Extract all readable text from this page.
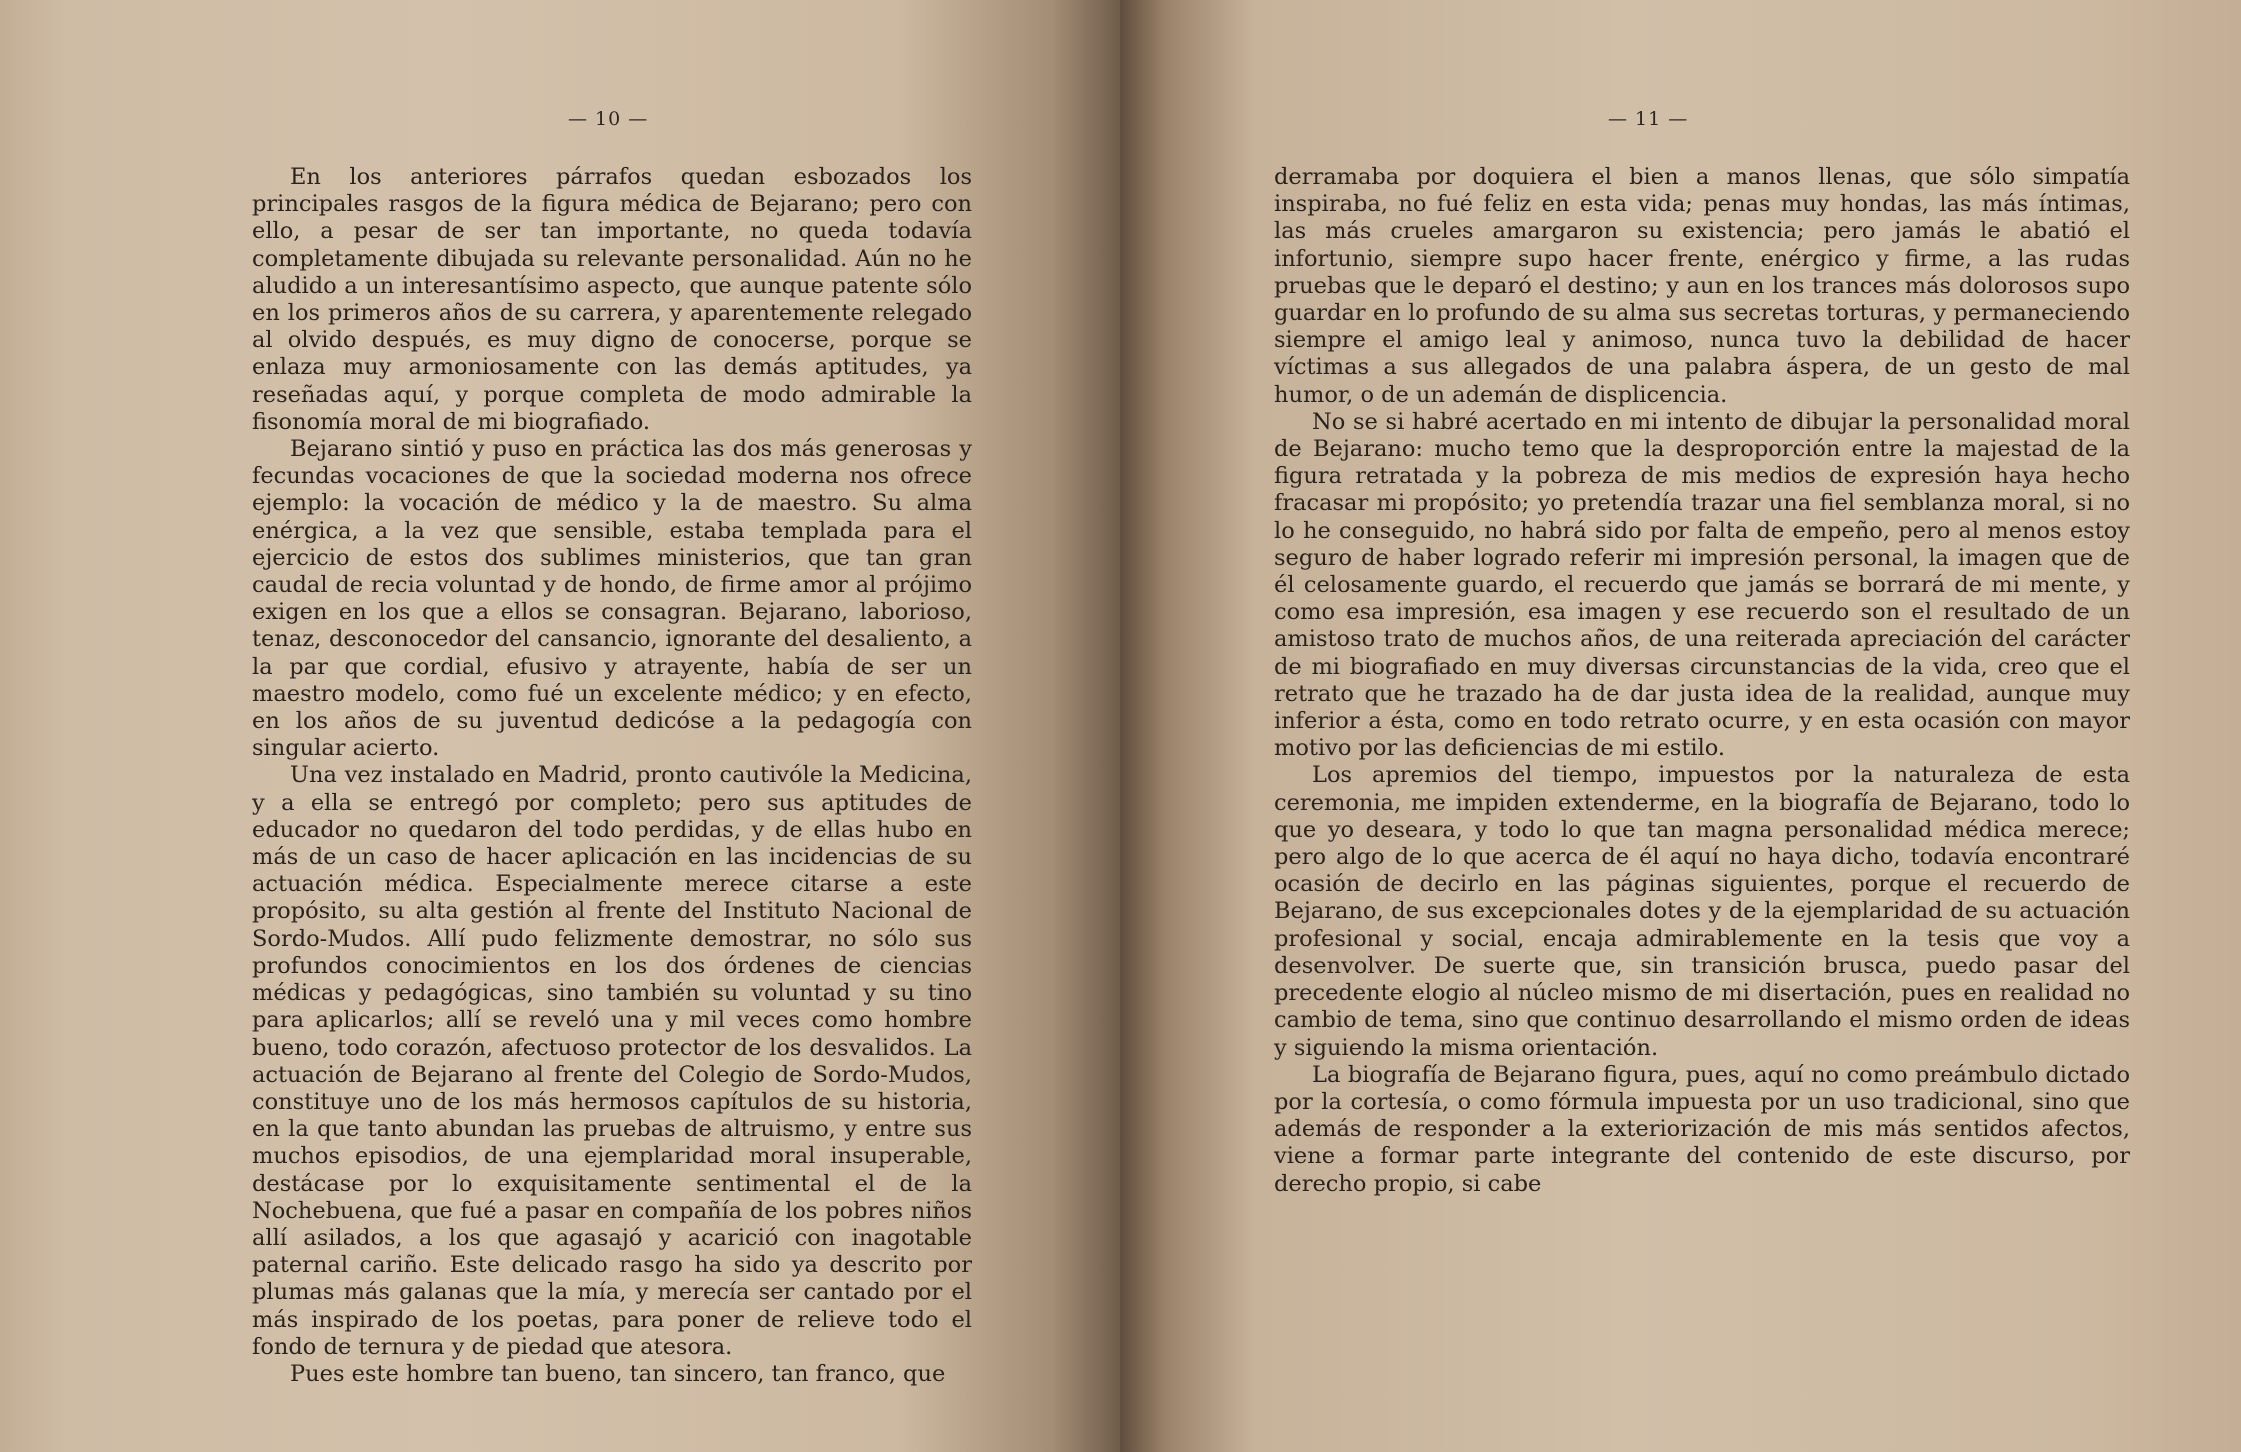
— 10 —

En los anteriores párrafos quedan esbozados los principales rasgos de la figura médica de Bejarano; pero con ello, a pesar de ser tan importante, no queda todavía completamente dibujada su relevante personalidad. Aún no he aludido a un interesantísimo aspecto, que aunque patente sólo en los primeros años de su carrera, y aparentemente relegado al olvido después, es muy digno de conocerse, porque se enlaza muy armoniosamente con las demás aptitudes, ya reseñadas aquí, y porque completa de modo admirable la fisonomía moral de mi biografiado.

Bejarano sintió y puso en práctica las dos más generosas y fecundas vocaciones de que la sociedad moderna nos ofrece ejemplo: la vocación de médico y la de maestro. Su alma enérgica, a la vez que sensible, estaba templada para el ejercicio de estos dos sublimes ministerios, que tan gran caudal de recia voluntad y de hondo, de firme amor al prójimo exigen en los que a ellos se consagran. Bejarano, laborioso, tenaz, desconocedor del cansancio, ignorante del desaliento, a la par que cordial, efusivo y atrayente, había de ser un maestro modelo, como fué un excelente médico; y en efecto, en los años de su juventud dedicóse a la pedagogía con singular acierto.

Una vez instalado en Madrid, pronto cautivóle la Medicina, y a ella se entregó por completo; pero sus aptitudes de educador no quedaron del todo perdidas, y de ellas hubo en más de un caso de hacer aplicación en las incidencias de su actuación médica. Especialmente merece citarse a este propósito, su alta gestión al frente del Instituto Nacional de Sordo-Mudos. Allí pudo felizmente demostrar, no sólo sus profundos conocimientos en los dos órdenes de ciencias médicas y pedagógicas, sino también su voluntad y su tino para aplicarlos; allí se reveló una y mil veces como hombre bueno, todo corazón, afectuoso protector de los desvalidos. La actuación de Bejarano al frente del Colegio de Sordo-Mudos, constituye uno de los más hermosos capítulos de su historia, en la que tanto abundan las pruebas de altruismo, y entre sus muchos episodios, de una ejemplaridad moral insuperable, destácase por lo exquisitamente sentimental el de la Nochebuena, que fué a pasar en compañía de los pobres niños allí asilados, a los que agasajó y acarició con inagotable paternal cariño. Este delicado rasgo ha sido ya descrito por plumas más galanas que la mía, y merecía ser cantado por el más inspirado de los poetas, para poner de relieve todo el fondo de ternura y de piedad que atesora.

Pues este hombre tan bueno, tan sincero, tan franco, que

— 11 —

derramaba por doquiera el bien a manos llenas, que sólo simpatía inspiraba, no fué feliz en esta vida; penas muy hondas, las más íntimas, las más crueles amargaron su existencia; pero jamás le abatió el infortunio, siempre supo hacer frente, enérgico y firme, a las rudas pruebas que le deparó el destino; y aun en los trances más dolorosos supo guardar en lo profundo de su alma sus secretas torturas, y permaneciendo siempre el amigo leal y animoso, nunca tuvo la debilidad de hacer víctimas a sus allegados de una palabra áspera, de un gesto de mal humor, o de un ademán de displicencia.

No se si habré acertado en mi intento de dibujar la personalidad moral de Bejarano: mucho temo que la desproporción entre la majestad de la figura retratada y la pobreza de mis medios de expresión haya hecho fracasar mi propósito; yo pretendía trazar una fiel semblanza moral, si no lo he conseguido, no habrá sido por falta de empeño, pero al menos estoy seguro de haber logrado referir mi impresión personal, la imagen que de él celosamente guardo, el recuerdo que jamás se borrará de mi mente, y como esa impresión, esa imagen y ese recuerdo son el resultado de un amistoso trato de muchos años, de una reiterada apreciación del carácter de mi biografiado en muy diversas circunstancias de la vida, creo que el retrato que he trazado ha de dar justa idea de la realidad, aunque muy inferior a ésta, como en todo retrato ocurre, y en esta ocasión con mayor motivo por las deficiencias de mi estilo.

Los apremios del tiempo, impuestos por la naturaleza de esta ceremonia, me impiden extenderme, en la biografía de Bejarano, todo lo que yo deseara, y todo lo que tan magna personalidad médica merece; pero algo de lo que acerca de él aquí no haya dicho, todavía encontraré ocasión de decirlo en las páginas siguientes, porque el recuerdo de Bejarano, de sus excepcionales dotes y de la ejemplaridad de su actuación profesional y social, encaja admirablemente en la tesis que voy a desenvolver. De suerte que, sin transición brusca, puedo pasar del precedente elogio al núcleo mismo de mi disertación, pues en realidad no cambio de tema, sino que continuo desarrollando el mismo orden de ideas y siguiendo la misma orientación.

La biografía de Bejarano figura, pues, aquí no como preámbulo dictado por la cortesía, o como fórmula impuesta por un uso tradicional, sino que además de responder a la exteriorización de mis más sentidos afectos, viene a formar parte integrante del contenido de este discurso, por derecho propio, si cabe
